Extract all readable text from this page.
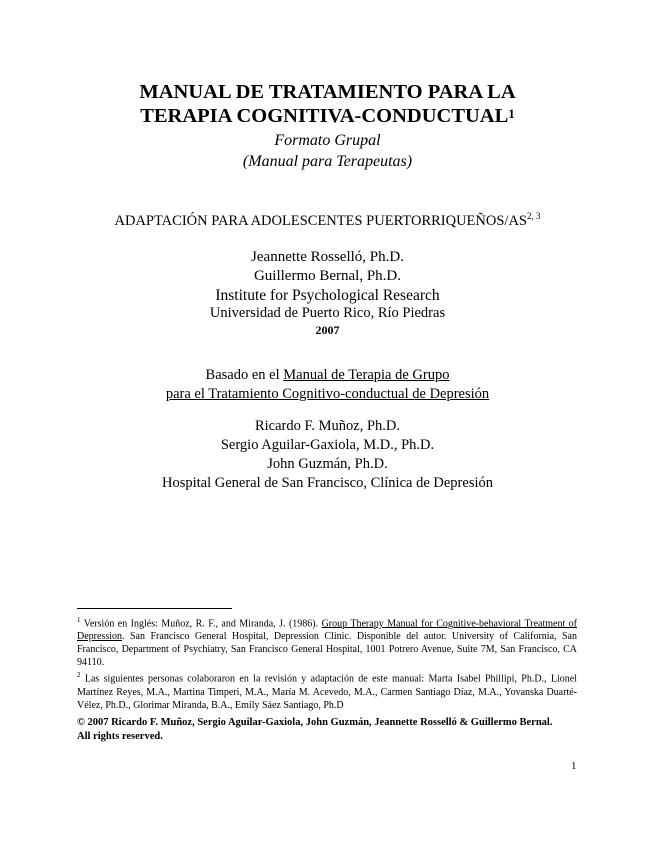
MANUAL DE TRATAMIENTO PARA LA

TERAPIA COGNITIVA-CONDUCTUAL$^1$

Formato Grupal

(Manual para Terapeutas)

ADAPTACIÓN PARA ADOLESCENTES PUERTORRIQUEÑOS/AS$^{2, 3}$
Jeannette Rosselló, Ph.D.
Guillermo Bernal, Ph.D.
Institute for Psychological Research
Universidad de Puerto Rico, Río Piedras
2007
Basado en el Manual de Terapia de Grupo
para el Tratamiento Cognitivo-conductual de Depresión
Ricardo F. Muñoz, Ph.D.
Sergio Aguilar-Gaxiola, M.D., Ph.D.
John Guzmán, Ph.D.
Hospital General de San Francisco, Clínica de Depresión

$^1$ Versión en Inglés: Muñoz, R. F., and Miranda, J. (1986). Group Therapy Manual for Cognitive-behavioral Treatment of Depression. San Francisco General Hospital, Depression Clinic. Disponible del autor. University of California, San Francisco, Department of Psychiatry, San Francisco General Hospital, 1001 Potrero Avenue, Suite 7M, San Francisco, CA 94110.

$^2$ Las siguientes personas colaboraron en la revisión y adaptación de este manual: Marta Isabel Phillipi, Ph.D., Lionel Martínez Reyes, M.A., Martina Timperi, M.A., María M. Acevedo, M.A., Carmen Santiago Díaz, M.A., Yovanska Duarté-Vélez, Ph.D., Glorimar Miranda, B.A., Emily Sáez Santiago, Ph.D

© 2007 Ricardo F. Muñoz, Sergio Aguilar-Gaxiola, John Guzmán, Jeannette Rosselló & Guillermo Bernal.
All rights reserved.
1
